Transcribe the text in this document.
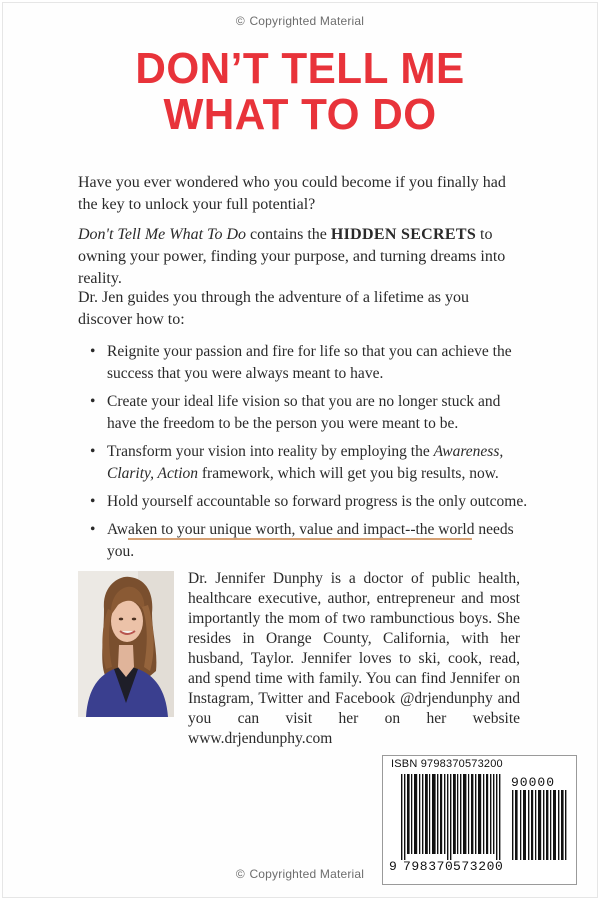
© Copyrighted Material
DON’T TELL ME
WHAT TO DO
Have you ever wondered who you could become if you finally had the key to unlock your full potential?
Don't Tell Me What To Do contains the HIDDEN SECRETS to owning your power, finding your purpose, and turning dreams into reality.
Dr. Jen guides you through the adventure of a lifetime as you discover how to:
• Reignite your passion and fire for life so that you can achieve the success that you were always meant to have.
• Create your ideal life vision so that you are no longer stuck and have the freedom to be the person you were meant to be.
• Transform your vision into reality by employing the Awareness, Clarity, Action framework, which will get you big results, now.
• Hold yourself accountable so forward progress is the only outcome.
• Awaken to your unique worth, value and impact--the world needs you.
Dr. Jennifer Dunphy is a doctor of public health, healthcare executive, author, entrepreneur and most importantly the mom of two rambunctious boys. She resides in Orange County, California, with her husband, Taylor. Jennifer loves to ski, cook, read, and spend time with family. You can find Jennifer on Instagram, Twitter and Facebook @drjendunphy and you can visit her on her website www.drjendunphy.com
ISBN 9798370573200
90000
9 798370 573200
© Copyrighted Material
